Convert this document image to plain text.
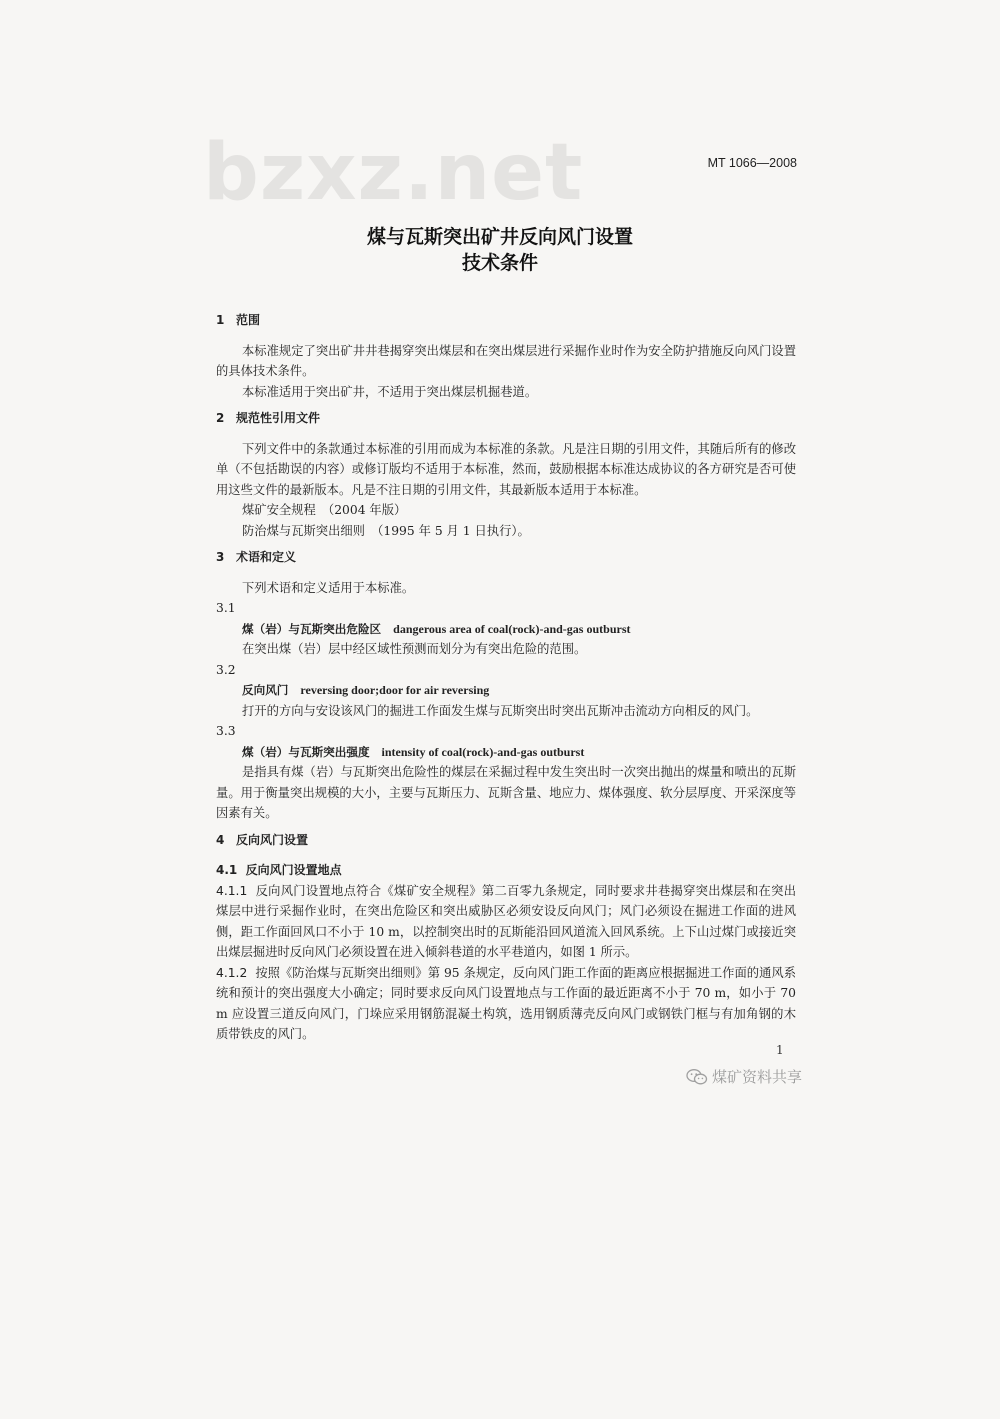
bzxz.net	MT 1066—2008
煤与瓦斯突出矿井反向风门设置
技术条件

1 范围

本标准规定了突出矿井井巷揭穿突出煤层和在突出煤层进行采掘作业时作为安全防护措施反向风门设置的具体技术条件。

本标准适用于突出矿井，不适用于突出煤层机掘巷道。

2 规范性引用文件

下列文件中的条款通过本标准的引用而成为本标准的条款。凡是注日期的引用文件，其随后所有的修改单（不包括勘误的内容）或修订版均不适用于本标准，然而，鼓励根据本标准达成协议的各方研究是否可使用这些文件的最新版本。凡是不注日期的引用文件，其最新版本适用于本标准。

煤矿安全规程　（2004 年版）

防治煤与瓦斯突出细则　（1995 年 5 月 1 日执行）。

3 术语和定义

下列术语和定义适用于本标准。

3.1

煤（岩）与瓦斯突出危险区 dangerous area of coal(rock)-and-gas outburst

在突出煤（岩）层中经区域性预测而划分为有突出危险的范围。

3.2

反向风门 reversing door;door for air reversing

打开的方向与安设该风门的掘进工作面发生煤与瓦斯突出时突出瓦斯冲击流动方向相反的风门。

3.3

煤（岩）与瓦斯突出强度 intensity of coal(rock)-and-gas outburst

是指具有煤（岩）与瓦斯突出危险性的煤层在采掘过程中发生突出时一次突出抛出的煤量和喷出的瓦斯量。用于衡量突出规模的大小，主要与瓦斯压力、瓦斯含量、地应力、煤体强度、软分层厚度、开采深度等因素有关。

4 反向风门设置

4.1 反向风门设置地点

4.1.1 反向风门设置地点符合《煤矿安全规程》第二百零九条规定，同时要求井巷揭穿突出煤层和在突出煤层中进行采掘作业时，在突出危险区和突出威胁区必须安设反向风门；风门必须设在掘进工作面的进风侧，距工作面回风口不小于 10 m，以控制突出时的瓦斯能沿回风道流入回风系统。上下山过煤门或接近突出煤层掘进时反向风门必须设置在进入倾斜巷道的水平巷道内，如图 1 所示。

4.1.2 按照《防治煤与瓦斯突出细则》第 95 条规定，反向风门距工作面的距离应根据掘进工作面的通风系统和预计的突出强度大小确定；同时要求反向风门设置地点与工作面的最近距离不小于 70 m，如小于 70 m 应设置三道反向风门，门垛应采用钢筋混凝土构筑，选用钢质薄壳反向风门或钢铁门框与有加角钢的木质带铁皮的风门。

1
煤矿资料共享
